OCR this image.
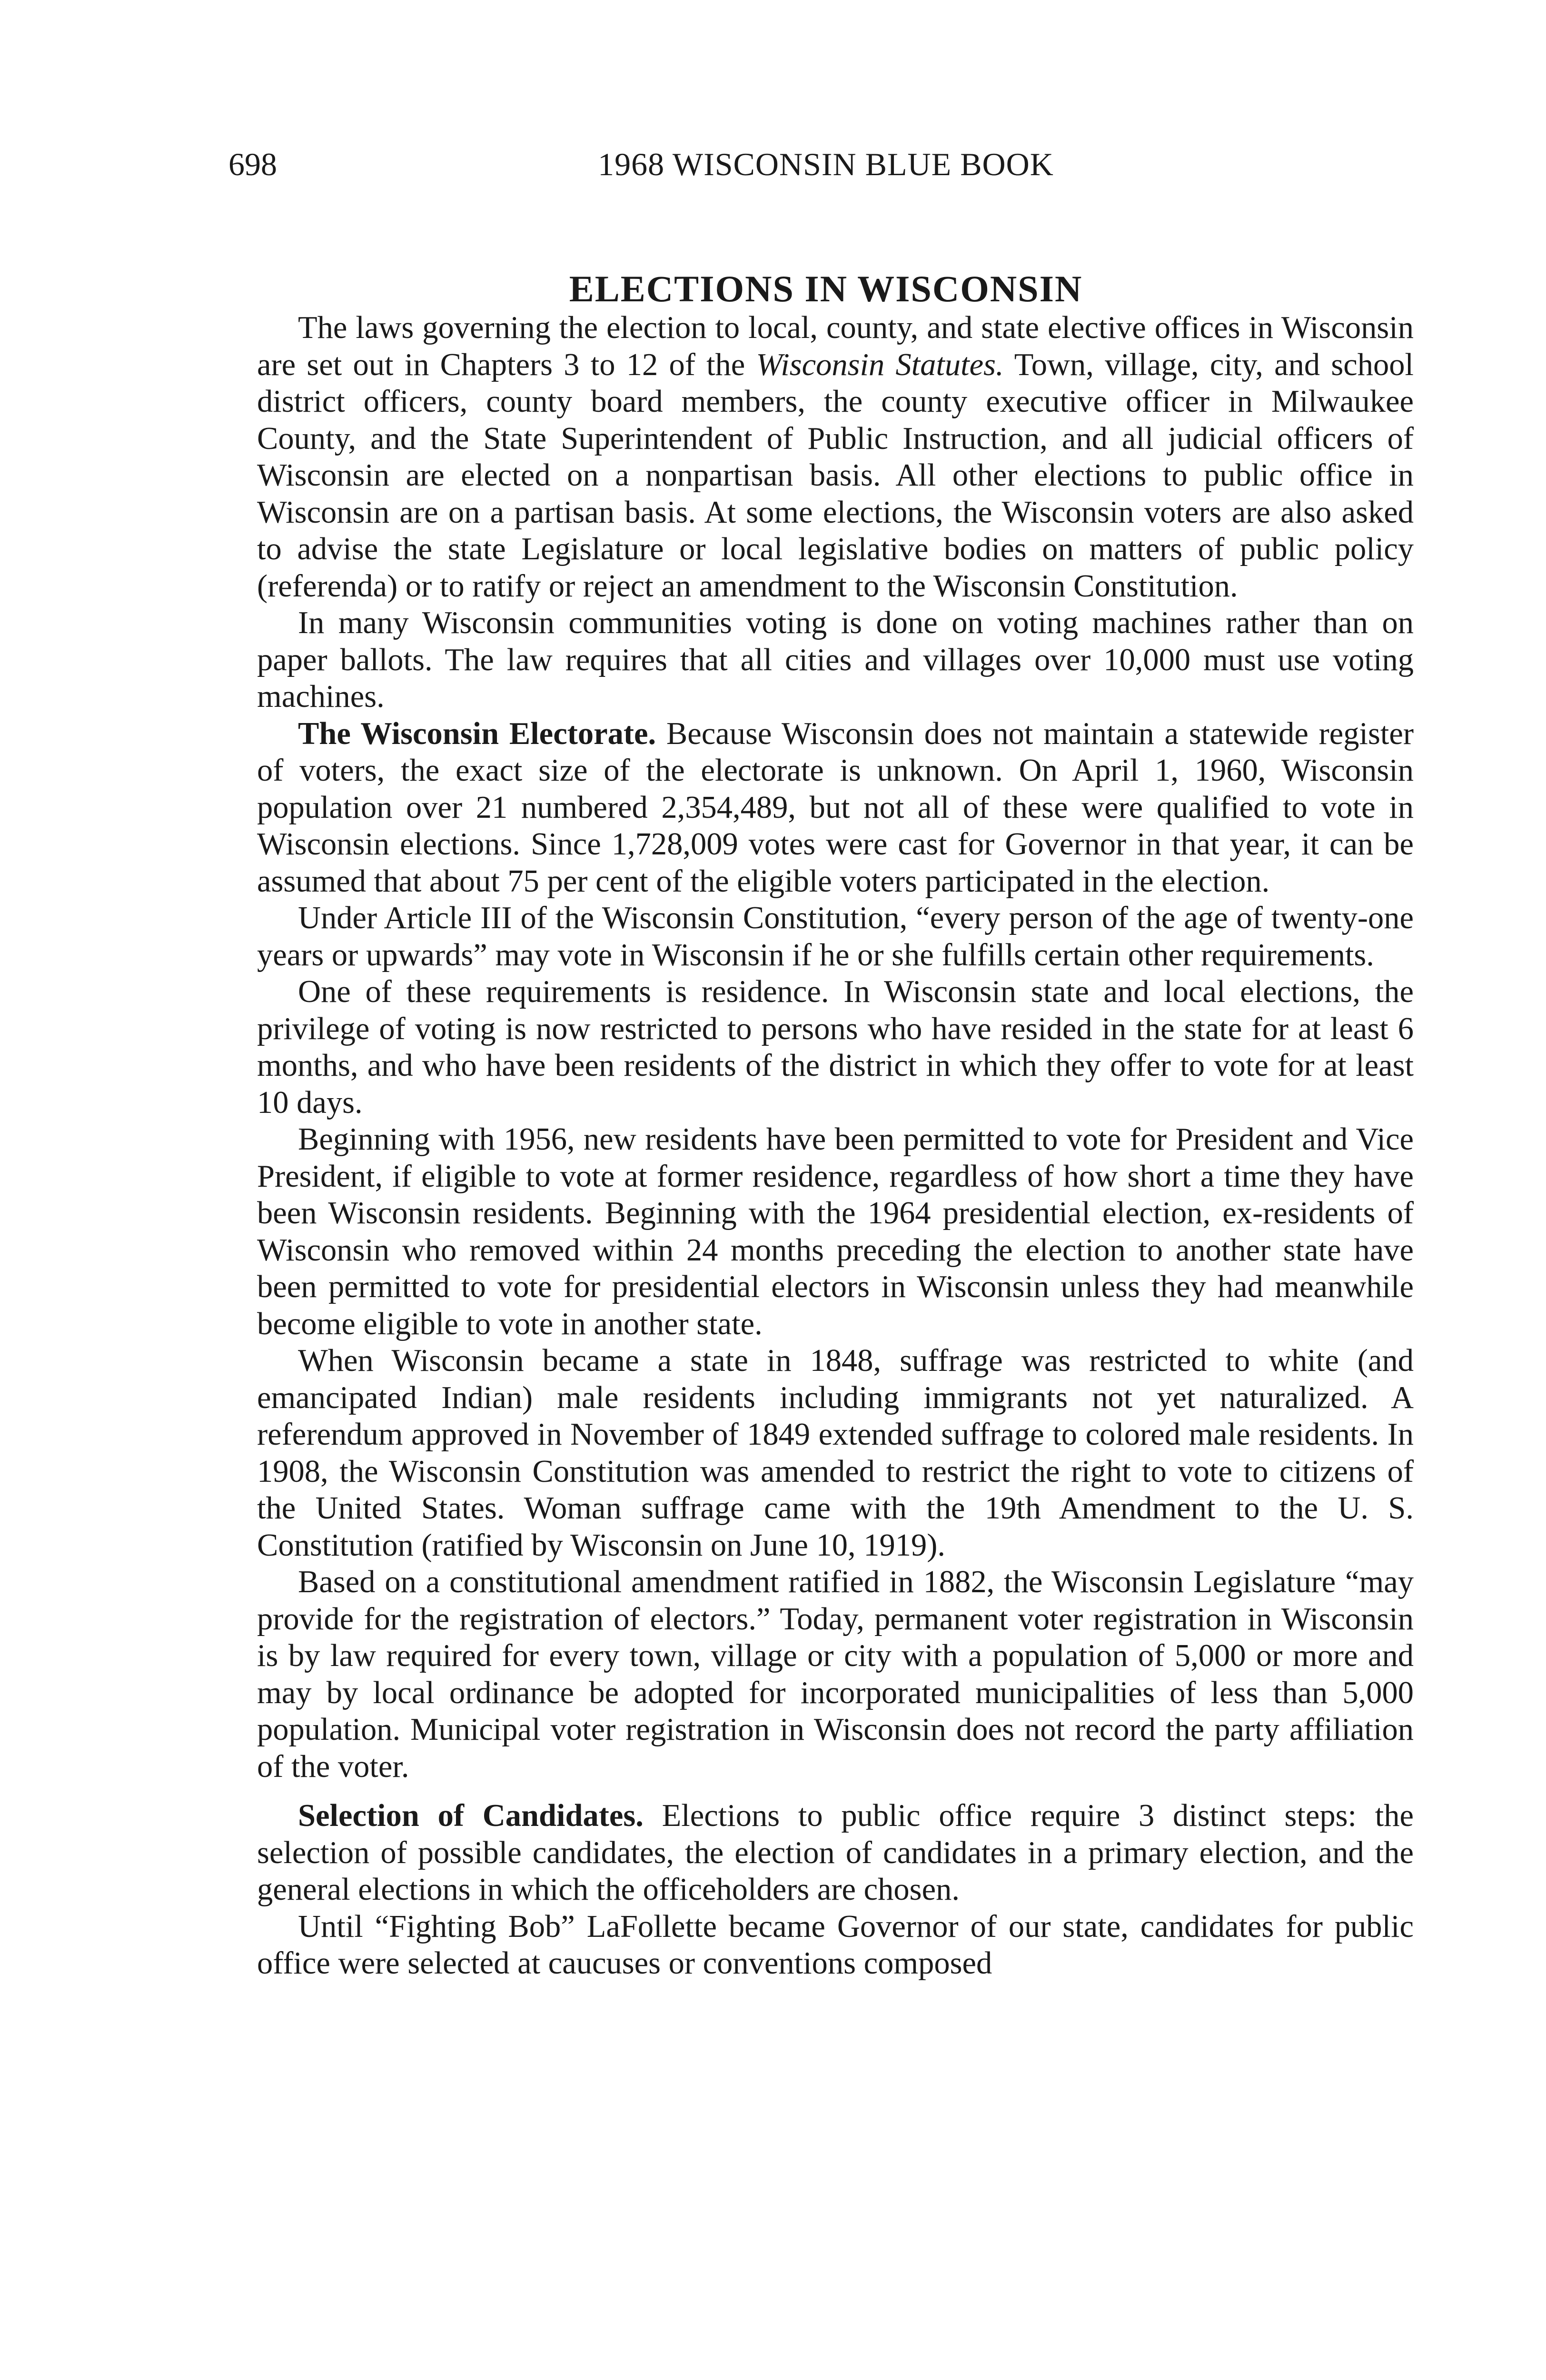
698	1968 WISCONSIN BLUE BOOK
ELECTIONS IN WISCONSIN

The laws governing the election to local, county, and state elective offices in Wisconsin are set out in Chapters 3 to 12 of the Wisconsin Statutes. Town, village, city, and school district officers, county board members, the county executive officer in Milwaukee County, and the State Superintendent of Public Instruction, and all judicial officers of Wisconsin are elected on a nonpartisan basis. All other elections to public office in Wisconsin are on a partisan basis. At some elections, the Wisconsin voters are also asked to advise the state Legislature or local legislative bodies on matters of public policy (referenda) or to ratify or reject an amendment to the Wisconsin Constitution.

In many Wisconsin communities voting is done on voting machines rather than on paper ballots. The law requires that all cities and villages over 10,000 must use voting machines.

The Wisconsin Electorate. Because Wisconsin does not maintain a statewide register of voters, the exact size of the electorate is unknown. On April 1, 1960, Wisconsin population over 21 numbered 2,354,489, but not all of these were qualified to vote in Wisconsin elections. Since 1,728,009 votes were cast for Governor in that year, it can be assumed that about 75 per cent of the eligible voters participated in the election.

Under Article III of the Wisconsin Constitution, “every person of the age of twenty-one years or upwards” may vote in Wisconsin if he or she fulfills certain other requirements.

One of these requirements is residence. In Wisconsin state and local elections, the privilege of voting is now restricted to persons who have resided in the state for at least 6 months, and who have been residents of the district in which they offer to vote for at least 10 days.

Beginning with 1956, new residents have been permitted to vote for President and Vice President, if eligible to vote at former residence, regardless of how short a time they have been Wisconsin residents. Beginning with the 1964 presidential election, ex-residents of Wisconsin who removed within 24 months preceding the election to another state have been permitted to vote for presidential electors in Wisconsin unless they had meanwhile become eligible to vote in another state.

When Wisconsin became a state in 1848, suffrage was restricted to white (and emancipated Indian) male residents including immigrants not yet naturalized. A referendum approved in November of 1849 extended suffrage to colored male residents. In 1908, the Wisconsin Constitution was amended to restrict the right to vote to citizens of the United States. Woman suffrage came with the 19th Amendment to the U. S. Constitution (ratified by Wisconsin on June 10, 1919).

Based on a constitutional amendment ratified in 1882, the Wisconsin Legislature “may provide for the registration of electors.” Today, permanent voter registration in Wisconsin is by law required for every town, village or city with a population of 5,000 or more and may by local ordinance be adopted for incorporated municipalities of less than 5,000 population. Municipal voter registration in Wisconsin does not record the party affiliation of the voter.

Selection of Candidates. Elections to public office require 3 distinct steps: the selection of possible candidates, the election of candidates in a primary election, and the general elections in which the officeholders are chosen.

Until “Fighting Bob” LaFollette became Governor of our state, candidates for public office were selected at caucuses or conventions composed
